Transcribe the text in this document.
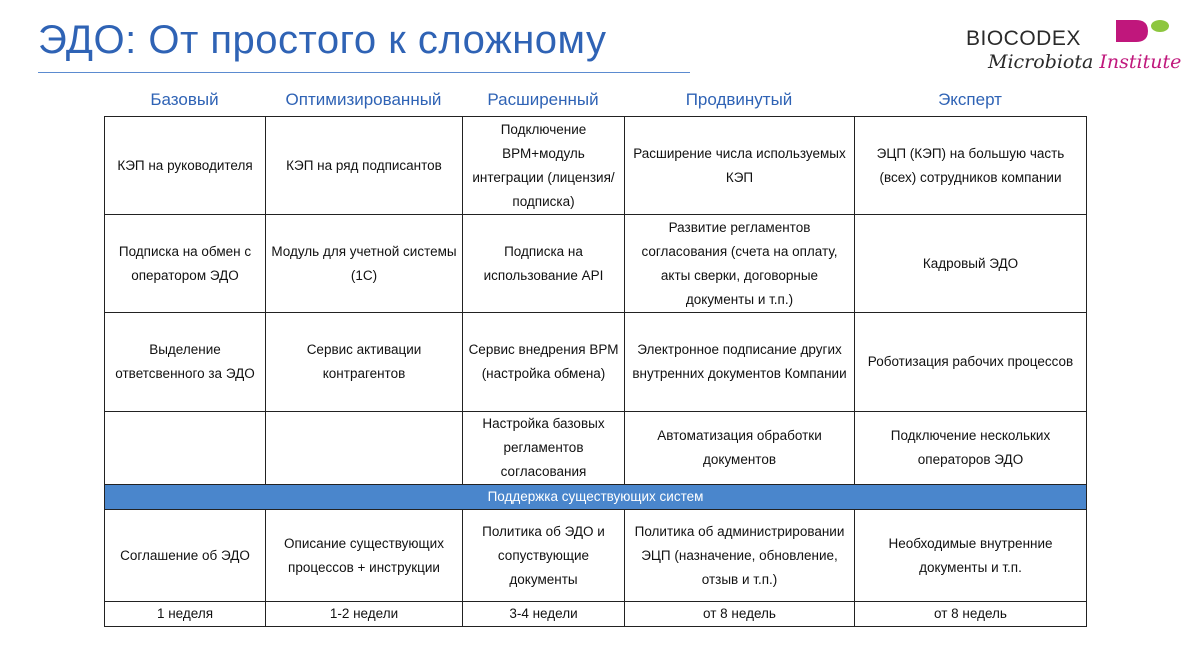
ЭДО: От простого к сложному	BIOCODEX
Microbiota Institute
Базовый	Оптимизированный	Расширенный	Продвинутый	Эксперт
КЭП на руководителя	КЭП на ряд подписантов	Подключение ВРМ+модуль интеграции (лицензия/подписка)	Расширение числа используемых КЭП	ЭЦП (КЭП) на большую часть (всех) сотрудников компании
Подписка на обмен с оператором ЭДО	Модуль для учетной системы (1С)	Подписка на использование API	Развитие регламентов согласования (счета на оплату, акты сверки, договорные документы и т.п.)	Кадровый ЭДО
Выделение ответсвенного за ЭДО	Сервис активации контрагентов	Сервис внедрения ВРМ (настройка обмена)	Электронное подписание других внутренних документов Компании	Роботизация рабочих процессов
		Настройка базовых регламентов согласования	Автоматизация обработки документов	Подключение нескольких операторов ЭДО
Поддержка существующих систем				
Соглашение об ЭДО	Описание существующих процессов + инструкции	Политика об ЭДО и сопуствующие документы	Политика об администрировании ЭЦП (назначение, обновление, отзыв и т.п.)	Необходимые внутренние документы и т.п.
1 неделя	1-2 недели	3-4 недели	от 8 недель	от 8 недель
